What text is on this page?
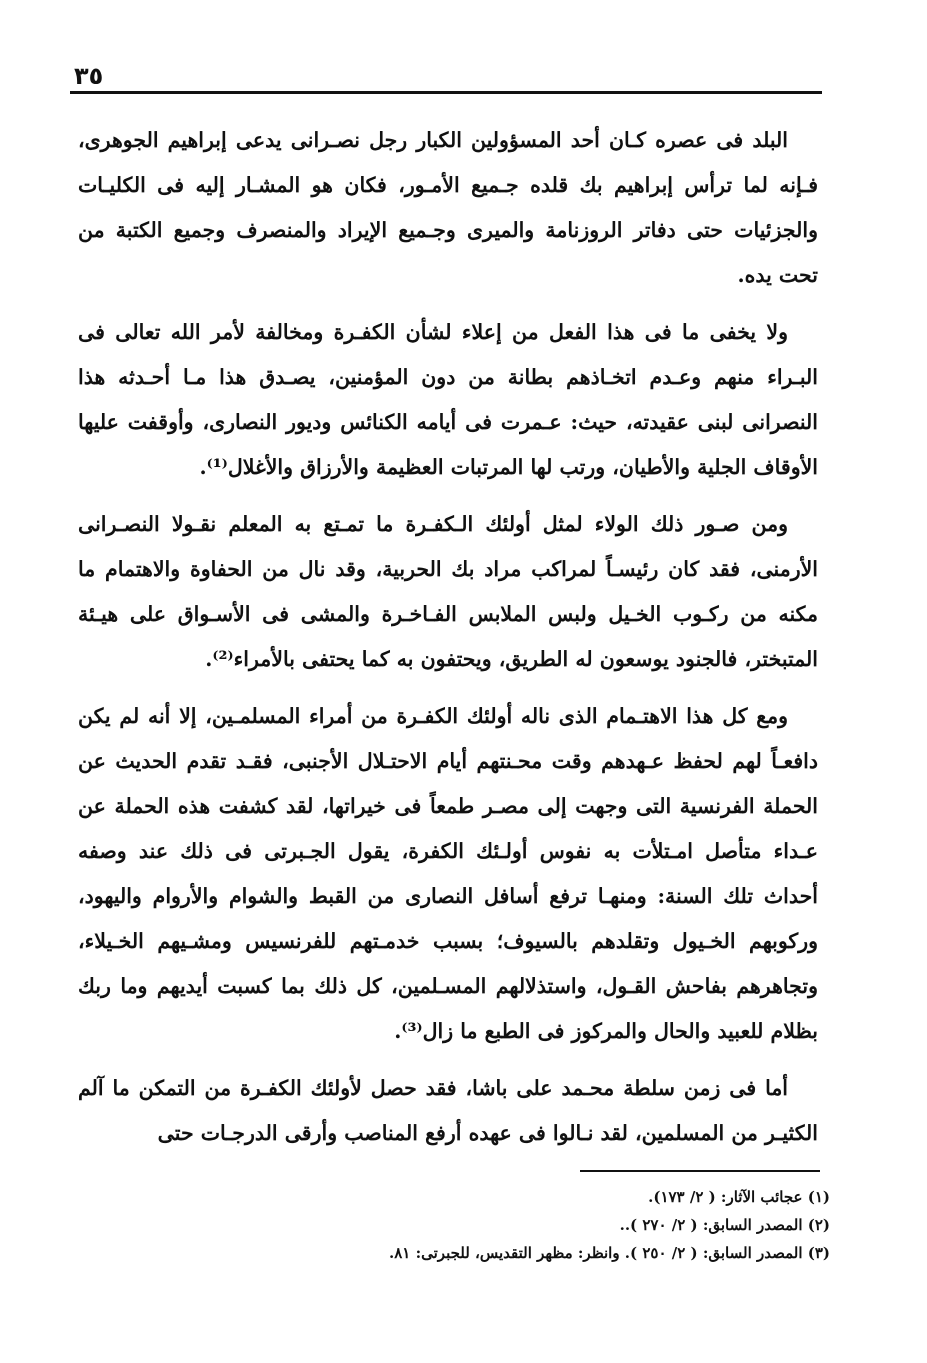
٣٥

البلد فى عصره كـان أحد المسؤولين الكبار رجل نصـرانى يدعى إبراهيم الجوهرى، فـإنه لما ترأس إبراهيم بك قلده جـميع الأمـور، فكان هو المشـار إليه فى الكليـات والجزئيات حتى دفاتر الروزنامة والميرى وجـميع الإيراد والمنصرف وجميع الكتبة من تحت يده.

ولا يخفى ما فى هذا الفعل من إعلاء لشأن الكفـرة ومخالفة لأمر الله تعالى فى البـراء منهم وعـدم اتخـاذهم بطانة من دون المؤمنين، يصـدق هذا مـا أحـدثه هذا النصرانى لبنى عقيدته، حيث: عـمرت فى أيامه الكنائس وديور النصارى، وأوقفت عليها الأوقاف الجلية والأطيان، ورتب لها المرتبات العظيمة والأرزاق والأغلال⁽¹⁾.

ومن صـور ذلك الولاء لمثل أولئك الـكفـرة ما تمـتع به المعلم نقـولا النصـرانى الأرمنى، فقد كان رئيسـاً لمراكب مراد بك الحربية، وقد نال من الحفاوة والاهتمام ما مكنه من ركـوب الخـيل ولبس الملابس الفـاخـرة والمشى فى الأسـواق على هيـئة المتبختر، فالجنود يوسعون له الطريق، ويحتفون به كما يحتفى بالأمراء⁽²⁾.

ومع كل هذا الاهتـمام الذى ناله أولئك الكفـرة من أمراء المسلمـين، إلا أنه لم يكن دافعـاً لهم لحفظ عـهدهم وقت محـنتهم أيام الاحتـلال الأجنبى، فقـد تقدم الحديث عن الحملة الفرنسية التى وجهت إلى مصـر طمعاً فى خيراتها، لقد كشفت هذه الحملة عن عـداء متأصل امـتلأت به نفوس أولـئك الكفرة، يقول الجـبرتى فى ذلك عند وصفه أحداث تلك السنة: ومنهـا ترفع أسافل النصارى من القبط والشوام والأروام واليهود، وركوبهم الخـيول وتقلدهم بالسيوف؛ بسبب خدمـتهم للفرنسيس ومشـيهم الخـيلاء، وتجاهرهم بفاحش القـول، واستذلالهم المسـلمين، كل ذلك بما كسبت أيديهم وما ربك بظلام للعبيد والحال والمركوز فى الطبع ما زال⁽³⁾.

أما فى زمن سلطة محـمد على باشا، فقد حصل لأولئك الكفـرة من التمكن ما آلم الكثيـر من المسلمين، لقد نـالوا فى عهده أرفع المناصب وأرقى الدرجـات حتى

(١) عجائب الآثار: ( ٢/ ١٧٣).

(٢) المصدر السابق: ( ٢/ ٢٧٠ )..

(٣) المصدر السابق: ( ٢/ ٢٥٠ ). وانظر: مظهر التقديس، للجبرتى: ٨١.
